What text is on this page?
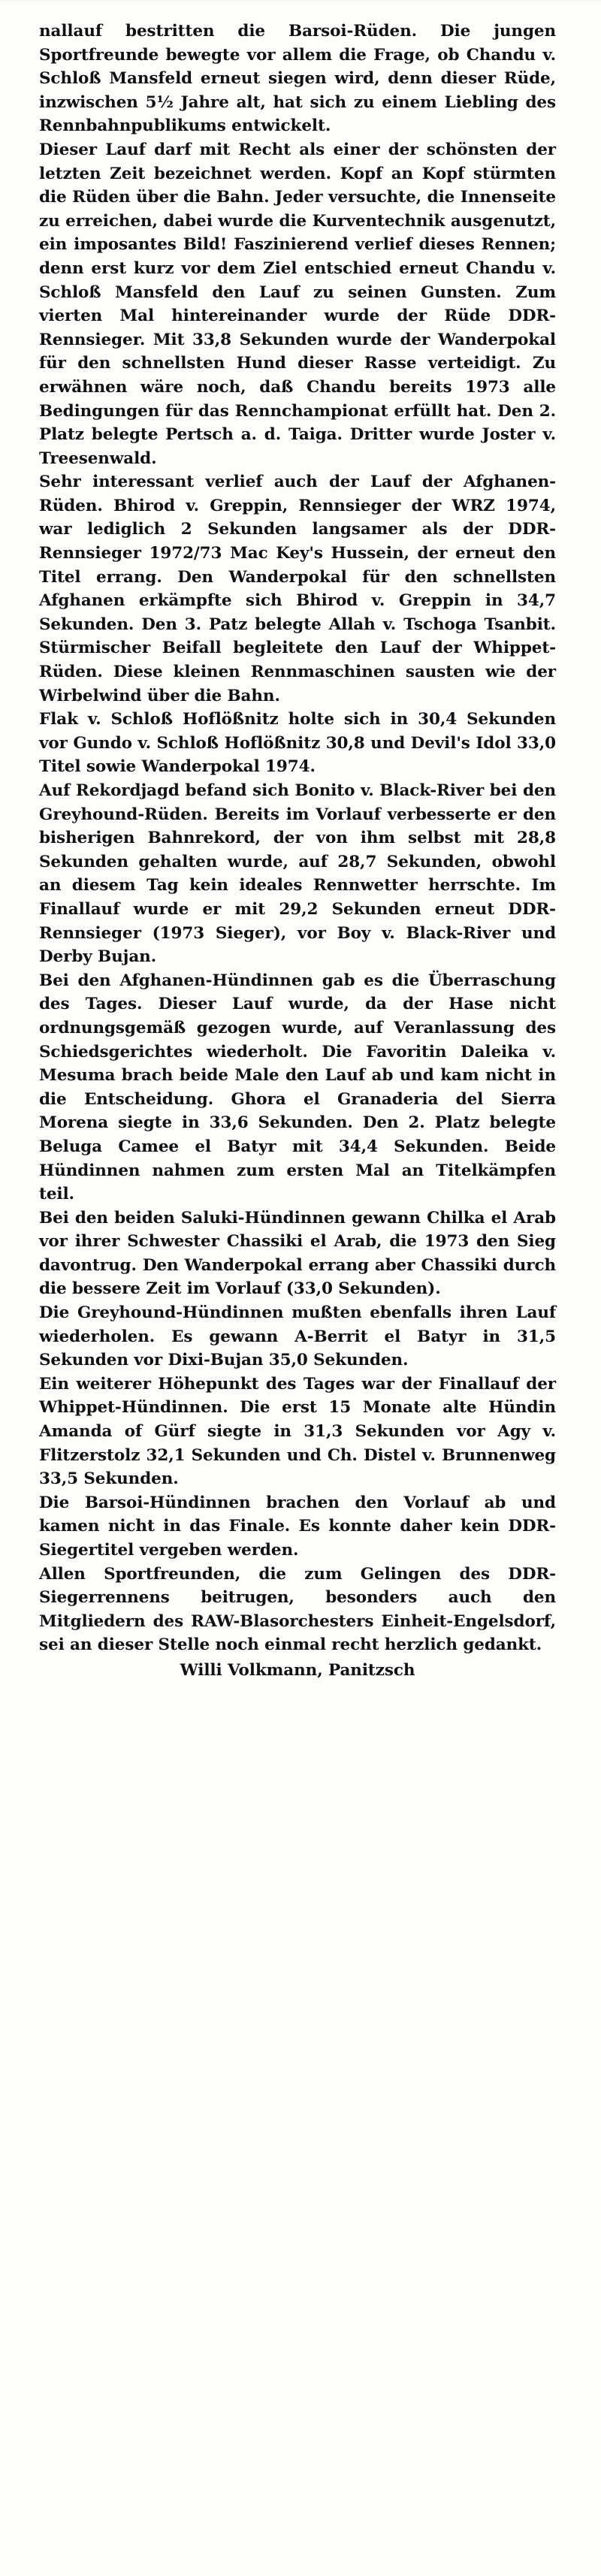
nallauf bestritten die Barsoi-Rüden. Die jungen Sportfreunde bewegte vor allem die Frage, ob Chandu v. Schloß Mansfeld erneut siegen wird, denn dieser Rüde, inzwischen 5½ Jahre alt, hat sich zu einem Liebling des Rennbahnpublikums entwickelt.

Dieser Lauf darf mit Recht als einer der schönsten der letzten Zeit bezeichnet werden. Kopf an Kopf stürmten die Rüden über die Bahn. Jeder versuchte, die Innenseite zu erreichen, dabei wurde die Kurventechnik ausgenutzt, ein imposantes Bild! Faszinierend verlief dieses Rennen; denn erst kurz vor dem Ziel entschied erneut Chandu v. Schloß Mansfeld den Lauf zu seinen Gunsten. Zum vierten Mal hintereinander wurde der Rüde DDR-Rennsieger. Mit 33,8 Sekunden wurde der Wanderpokal für den schnellsten Hund dieser Rasse verteidigt. Zu erwähnen wäre noch, daß Chandu bereits 1973 alle Bedingungen für das Rennchampionat erfüllt hat. Den 2. Platz belegte Pertsch a. d. Taiga. Dritter wurde Joster v. Treesenwald.

Sehr interessant verlief auch der Lauf der Afghanen-Rüden. Bhirod v. Greppin, Rennsieger der WRZ 1974, war lediglich 2 Sekunden langsamer als der DDR-Rennsieger 1972/73 Mac Key's Hussein, der erneut den Titel errang. Den Wanderpokal für den schnellsten Afghanen erkämpfte sich Bhirod v. Greppin in 34,7 Sekunden. Den 3. Patz belegte Allah v. Tschoga Tsanbit. Stürmischer Beifall begleitete den Lauf der Whippet-Rüden. Diese kleinen Rennmaschinen sausten wie der Wirbelwind über die Bahn.

Flak v. Schloß Hoflößnitz holte sich in 30,4 Sekunden vor Gundo v. Schloß Hoflößnitz 30,8 und Devil's Idol 33,0 Titel sowie Wanderpokal 1974.

Auf Rekordjagd befand sich Bonito v. Black-River bei den Greyhound-Rüden. Bereits im Vorlauf verbesserte er den bisherigen Bahnrekord, der von ihm selbst mit 28,8 Sekunden gehalten wurde, auf 28,7 Sekunden, obwohl an diesem Tag kein ideales Rennwetter herrschte. Im Finallauf wurde er mit 29,2 Sekunden erneut DDR-Rennsieger (1973 Sieger), vor Boy v. Black-River und Derby Bujan.

Bei den Afghanen-Hündinnen gab es die Überraschung des Tages. Dieser Lauf wurde, da der Hase nicht ordnungsgemäß gezogen wurde, auf Veranlassung des Schiedsgerichtes wiederholt. Die Favoritin Daleika v. Mesuma brach beide Male den Lauf ab und kam nicht in die Entscheidung. Ghora el Granaderia del Sierra Morena siegte in 33,6 Sekunden. Den 2. Platz belegte Beluga Camee el Batyr mit 34,4 Sekunden. Beide Hündinnen nahmen zum ersten Mal an Titelkämpfen teil.

Bei den beiden Saluki-Hündinnen gewann Chilka el Arab vor ihrer Schwester Chassiki el Arab, die 1973 den Sieg davontrug. Den Wanderpokal errang aber Chassiki durch die bessere Zeit im Vorlauf (33,0 Sekunden).

Die Greyhound-Hündinnen mußten ebenfalls ihren Lauf wiederholen. Es gewann A-Berrit el Batyr in 31,5 Sekunden vor Dixi-Bujan 35,0 Sekunden.

Ein weiterer Höhepunkt des Tages war der Finallauf der Whippet-Hündinnen. Die erst 15 Monate alte Hündin Amanda of Gürf siegte in 31,3 Sekunden vor Agy v. Flitzerstolz 32,1 Sekunden und Ch. Distel v. Brunnenweg 33,5 Sekunden.

Die Barsoi-Hündinnen brachen den Vorlauf ab und kamen nicht in das Finale. Es konnte daher kein DDR-Siegertitel vergeben werden.

Allen Sportfreunden, die zum Gelingen des DDR-Siegerrennens beitrugen, besonders auch den Mitgliedern des RAW-Blasorchesters Einheit-Engelsdorf, sei an dieser Stelle noch einmal recht herzlich gedankt.

Willi Volkmann, Panitzsch
